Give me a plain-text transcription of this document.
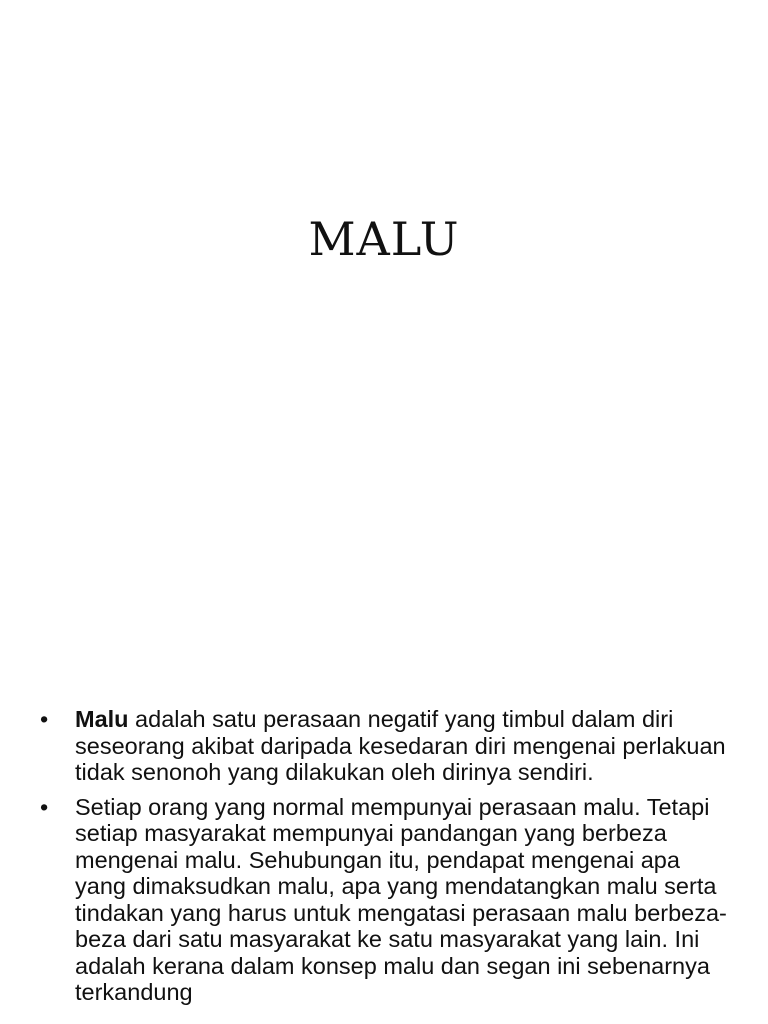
MALU
• Malu adalah satu perasaan negatif yang timbul dalam diri seseorang akibat daripada kesedaran diri mengenai perlakuan tidak senonoh yang dilakukan oleh dirinya sendiri.
• Setiap orang yang normal mempunyai perasaan malu. Tetapi setiap masyarakat mempunyai pandangan yang berbeza mengenai malu. Sehubungan itu, pendapat mengenai apa yang dimaksudkan malu, apa yang mendatangkan malu serta tindakan yang harus untuk mengatasi perasaan malu berbeza-beza dari satu masyarakat ke satu masyarakat yang lain. Ini adalah kerana dalam konsep malu dan segan ini sebenarnya terkandung
